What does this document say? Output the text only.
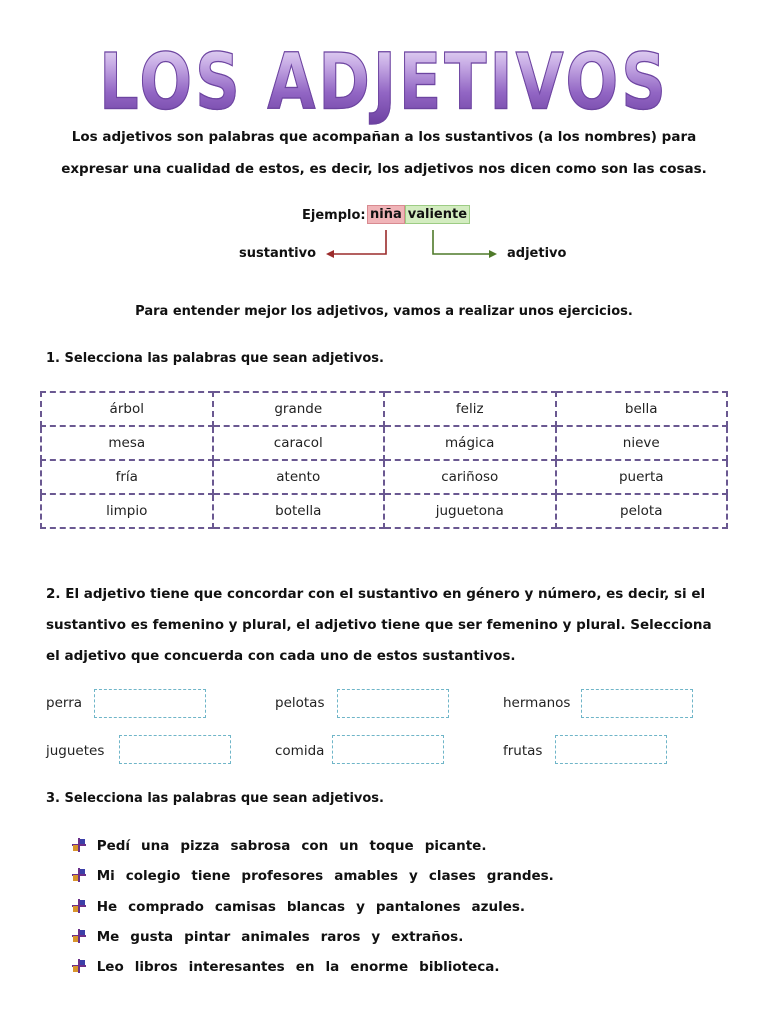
LOS ADJETIVOS
Los adjetivos son palabras que acompañan a los sustantivos (a los nombres) para
expresar una cualidad de estos, es decir, los adjetivos nos dicen como son las cosas.
Ejemplo: niña valiente
sustantivo	adjetivo
Para entender mejor los adjetivos, vamos a realizar unos ejercicios.
1. Selecciona las palabras que sean adjetivos.
árbol	grande	feliz	bella
mesa	caracol	mágica	nieve
fría	atento	cariñoso	puerta
limpio	botella	juguetona	pelota
2. El adjetivo tiene que concordar con el sustantivo en género y número, es decir, si el
sustantivo es femenino y plural, el adjetivo tiene que ser femenino y plural. Selecciona
el adjetivo que concuerda con cada uno de estos sustantivos.
perra	pelotas	hermanos
juguetes	comida	frutas
3. Selecciona las palabras que sean adjetivos.
Pedí una pizza sabrosa con un toque picante.
Mi colegio tiene profesores amables y clases grandes.
He comprado camisas blancas y pantalones azules.
Me gusta pintar animales raros y extraños.
Leo libros interesantes en la enorme biblioteca.
